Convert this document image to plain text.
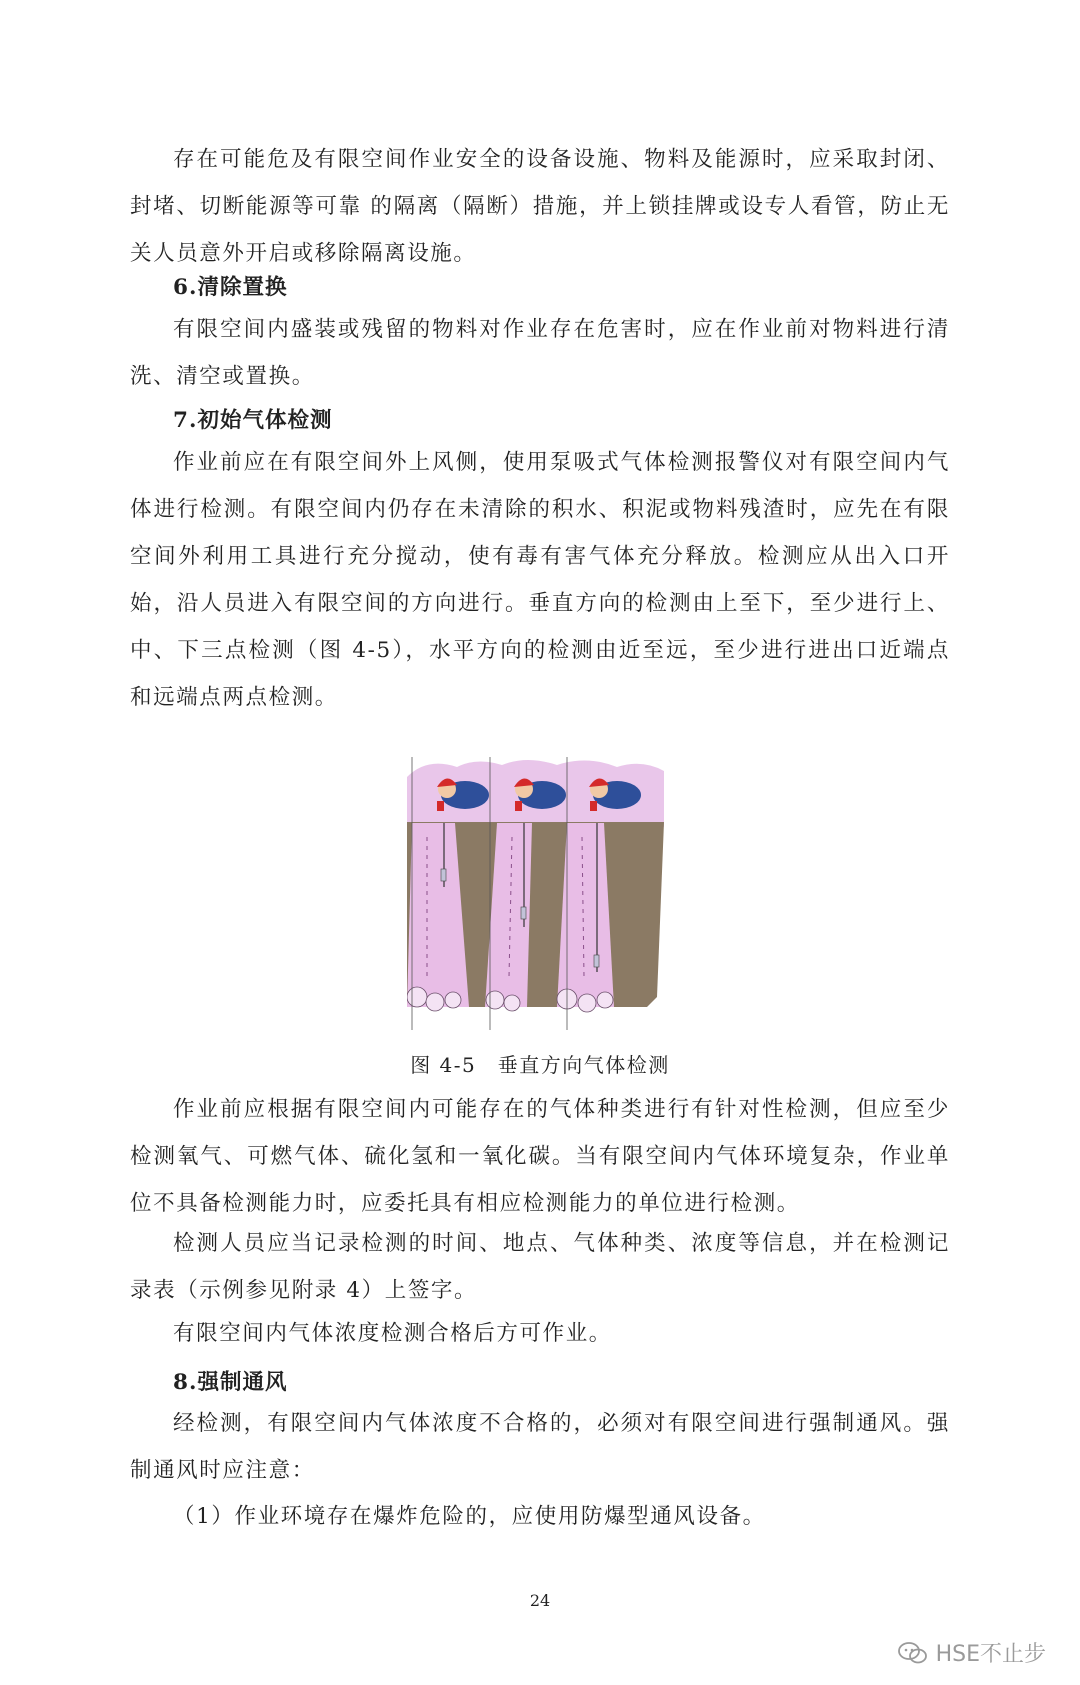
存在可能危及有限空间作业安全的设备设施、物料及能源时，应采取封闭、封堵、切断能源等可靠 的隔离（隔断）措施，并上锁挂牌或设专人看管，防止无关人员意外开启或移除隔离设施。
6.清除置换
有限空间内盛装或残留的物料对作业存在危害时，应在作业前对物料进行清洗、清空或置换。
7.初始气体检测
作业前应在有限空间外上风侧，使用泵吸式气体检测报警仪对有限空间内气体进行检测。有限空间内仍存在未清除的积水、积泥或物料残渣时，应先在有限空间外利用工具进行充分搅动，使有毒有害气体充分释放。检测应从出入口开始，沿人员进入有限空间的方向进行。垂直方向的检测由上至下，至少进行上、中、下三点检测（图 4-5），水平方向的检测由近至远，至少进行进出口近端点和远端点两点检测。
图 4-5　垂直方向气体检测
作业前应根据有限空间内可能存在的气体种类进行有针对性检测，但应至少检测氧气、可燃气体、硫化氢和一氧化碳。当有限空间内气体环境复杂，作业单位不具备检测能力时，应委托具有相应检测能力的单位进行检测。
检测人员应当记录检测的时间、地点、气体种类、浓度等信息，并在检测记录表（示例参见附录 4）上签字。
有限空间内气体浓度检测合格后方可作业。
8.强制通风
经检测，有限空间内气体浓度不合格的，必须对有限空间进行强制通风。强制通风时应注意：
（1）作业环境存在爆炸危险的，应使用防爆型通风设备。
24
HSE不止步
